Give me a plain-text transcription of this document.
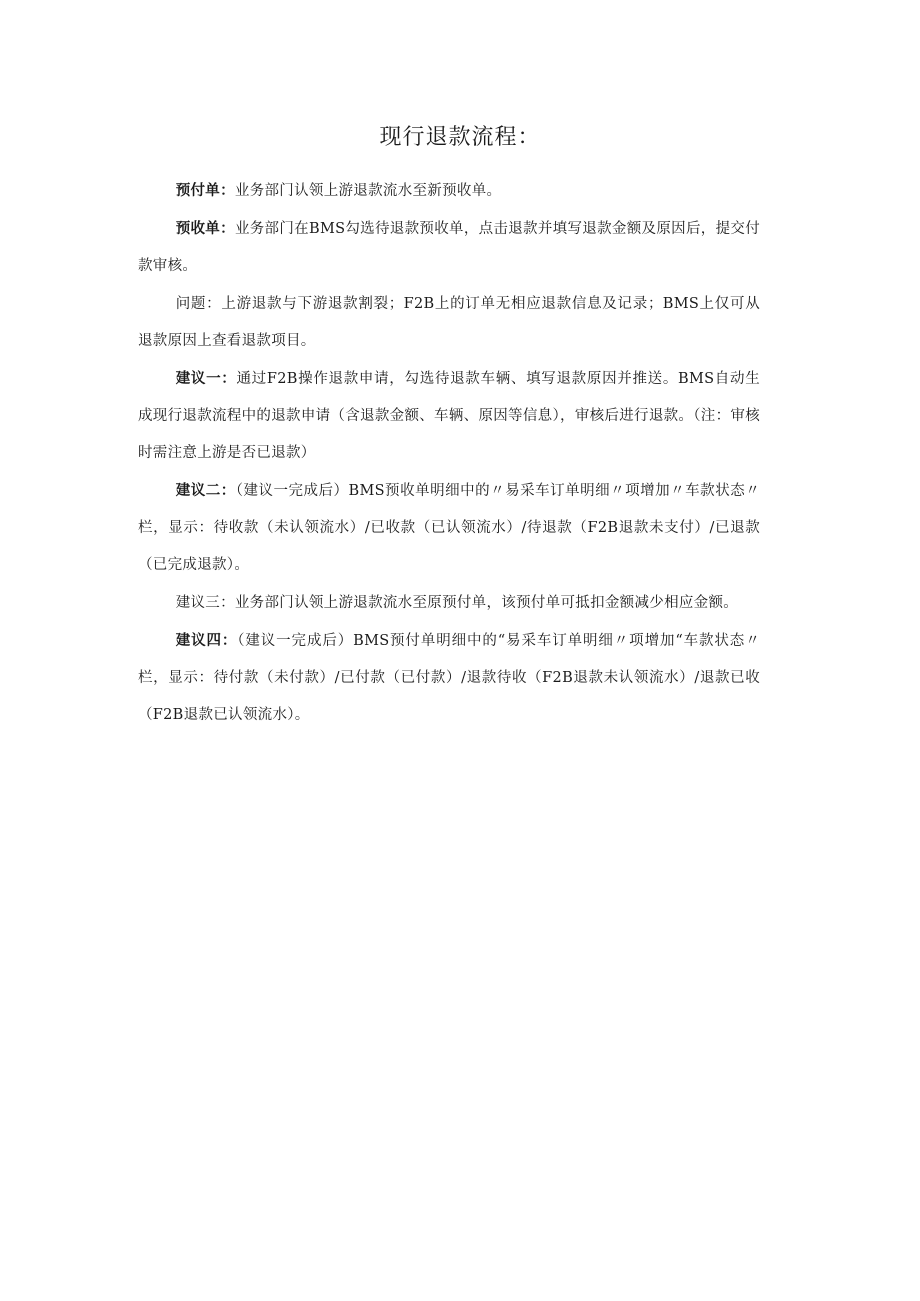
现行退款流程：

预付单：业务部门认领上游退款流水至新预收单。

预收单：业务部门在BMS勾选待退款预收单，点击退款并填写退款金额及原因后，提交付款审核。

问题：上游退款与下游退款割裂；F2B上的订单无相应退款信息及记录；BMS上仅可从退款原因上查看退款项目。

建议一：通过F2B操作退款申请，勾选待退款车辆、填写退款原因并推送。BMS自动生成现行退款流程中的退款申请（含退款金额、车辆、原因等信息），审核后进行退款。（注：审核时需注意上游是否已退款）

建议二：（建议一完成后）BMS预收单明细中的〃易采车订单明细〃项增加〃车款状态〃栏，显示：待收款（未认领流水）/已收款（已认领流水）/待退款（F2B退款未支付）/已退款（已完成退款）。

建议三：业务部门认领上游退款流水至原预付单，该预付单可抵扣金额减少相应金额。

建议四：（建议一完成后）BMS预付单明细中的“易采车订单明细〃项增加“车款状态〃栏，显示：待付款（未付款）/已付款（已付款）/退款待收（F2B退款未认领流水）/退款已收（F2B退款已认领流水）。
